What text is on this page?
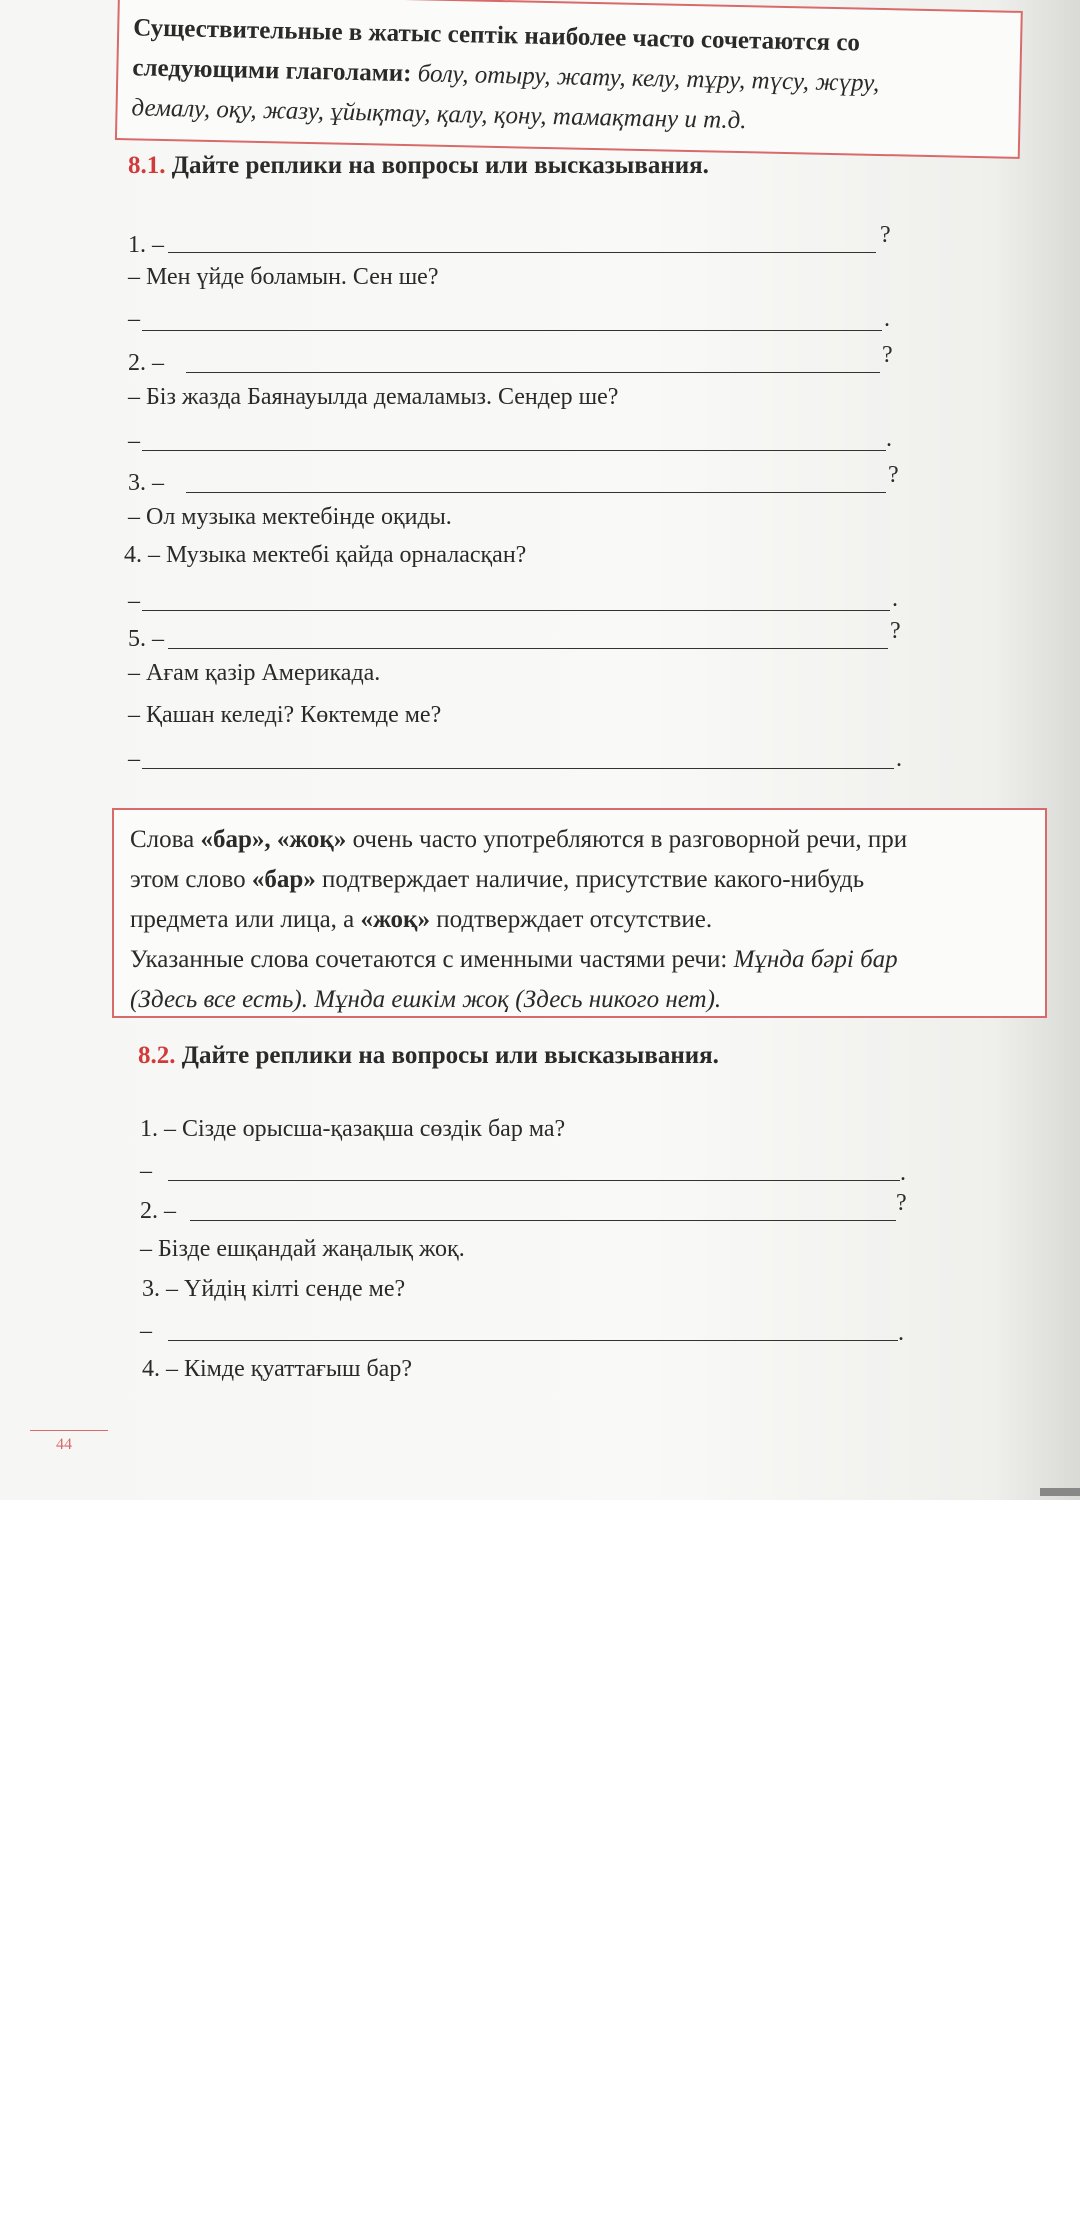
Существительные в жатыс септік наиболее часто сочетаются со

следующими глаголами: болу, отыру, жату, келу, тұру, түсу, жүру,

демалу, оқу, жазу, ұйықтау, қалу, қону, тамақтану и т.д.

8.1. Дайте реплики на вопросы или высказывания.
1. –	?
– Мен үйде боламын. Сен ше?
–	.
2. –	?
– Біз жазда Баянауылда демаламыз. Сендер ше?
–	.
3. –	?
– Ол музыка мектебінде оқиды.
4. – Музыка мектебі қайда орналасқан?
–	.
5. –	?
– Ағам қазір Америкада.
– Қашан келеді? Көктемде ме?
–	.

Слова «бар», «жоқ» очень часто употребляются в разговорной речи, при

этом слово «бар» подтверждает наличие, присутствие какого-нибудь

предмета или лица, а «жоқ» подтверждает отсутствие.

Указанные слова сочетаются с именными частями речи: Мұнда бәрі бар

(Здесь все есть). Мұнда ешкім жоқ (Здесь никого нет).

8.2. Дайте реплики на вопросы или высказывания.
1. – Сізде орысша-қазақша сөздік бар ма?
–	.
2. –	?
– Бізде ешқандай жаңалық жоқ.
3. – Үйдің кілті сенде ме?
–	.
4. – Кімде қуаттағыш бар?
44
